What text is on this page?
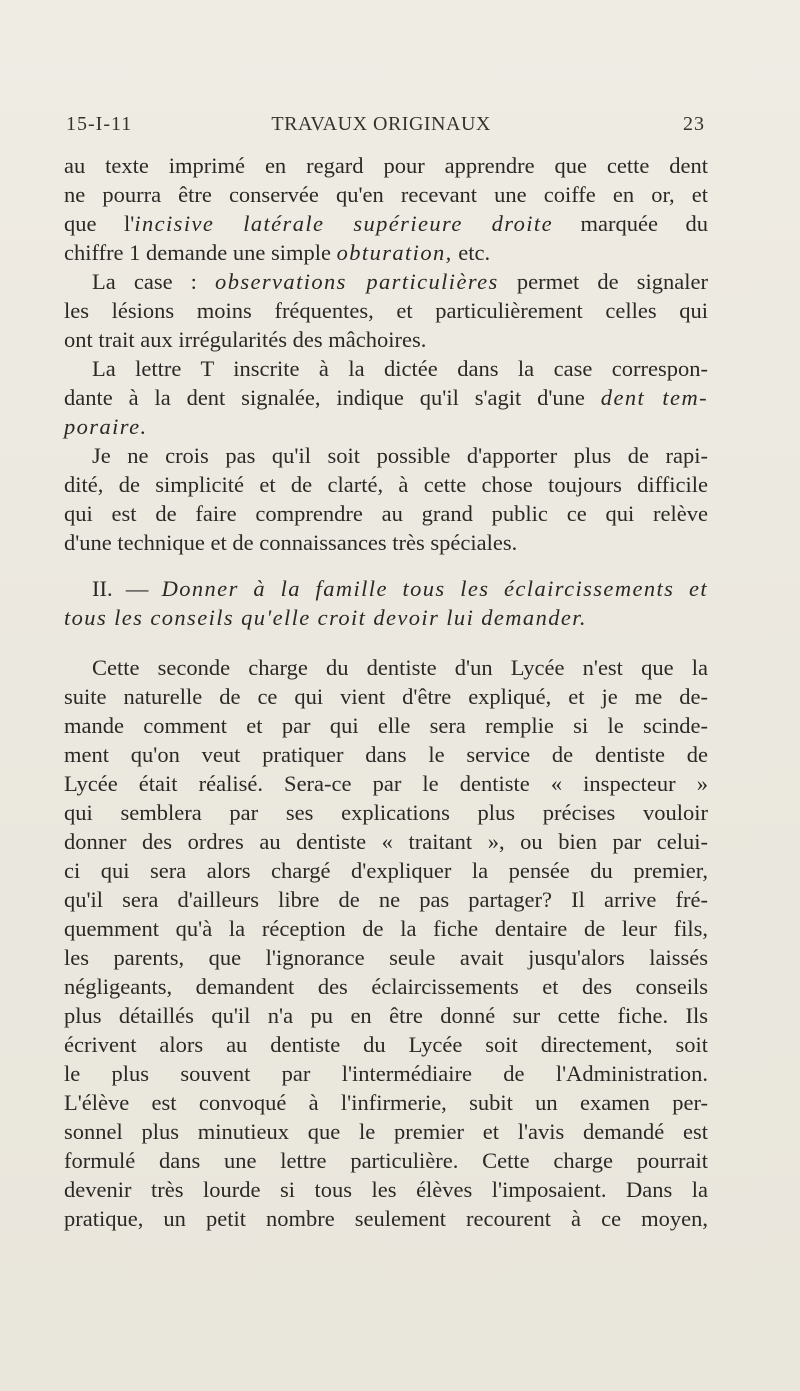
15-I-11	TRAVAUX ORIGINAUX	23
au texte imprimé en regard pour apprendre que cette dent
ne pourra être conservée qu'en recevant une coiffe en or, et
que l'incisive latérale supérieure droite marquée du
chiffre 1 demande une simple obturation, etc.
La case : observations particulières permet de signaler
les lésions moins fréquentes, et particulièrement celles qui
ont trait aux irrégularités des mâchoires.
La lettre T inscrite à la dictée dans la case correspon-
dante à la dent signalée, indique qu'il s'agit d'une dent tem-
poraire.
Je ne crois pas qu'il soit possible d'apporter plus de rapi-
dité, de simplicité et de clarté, à cette chose toujours difficile
qui est de faire comprendre au grand public ce qui relève
d'une technique et de connaissances très spéciales.
II. — Donner à la famille tous les éclaircissements et
tous les conseils qu'elle croit devoir lui demander.
Cette seconde charge du dentiste d'un Lycée n'est que la
suite naturelle de ce qui vient d'être expliqué, et je me de-
mande comment et par qui elle sera remplie si le scinde-
ment qu'on veut pratiquer dans le service de dentiste de
Lycée était réalisé. Sera-ce par le dentiste « inspecteur »
qui semblera par ses explications plus précises vouloir
donner des ordres au dentiste « traitant », ou bien par celui-
ci qui sera alors chargé d'expliquer la pensée du premier,
qu'il sera d'ailleurs libre de ne pas partager? Il arrive fré-
quemment qu'à la réception de la fiche dentaire de leur fils,
les parents, que l'ignorance seule avait jusqu'alors laissés
négligeants, demandent des éclaircissements et des conseils
plus détaillés qu'il n'a pu en être donné sur cette fiche. Ils
écrivent alors au dentiste du Lycée soit directement, soit
le plus souvent par l'intermédiaire de l'Administration.
L'élève est convoqué à l'infirmerie, subit un examen per-
sonnel plus minutieux que le premier et l'avis demandé est
formulé dans une lettre particulière. Cette charge pourrait
devenir très lourde si tous les élèves l'imposaient. Dans la
pratique, un petit nombre seulement recourent à ce moyen,
